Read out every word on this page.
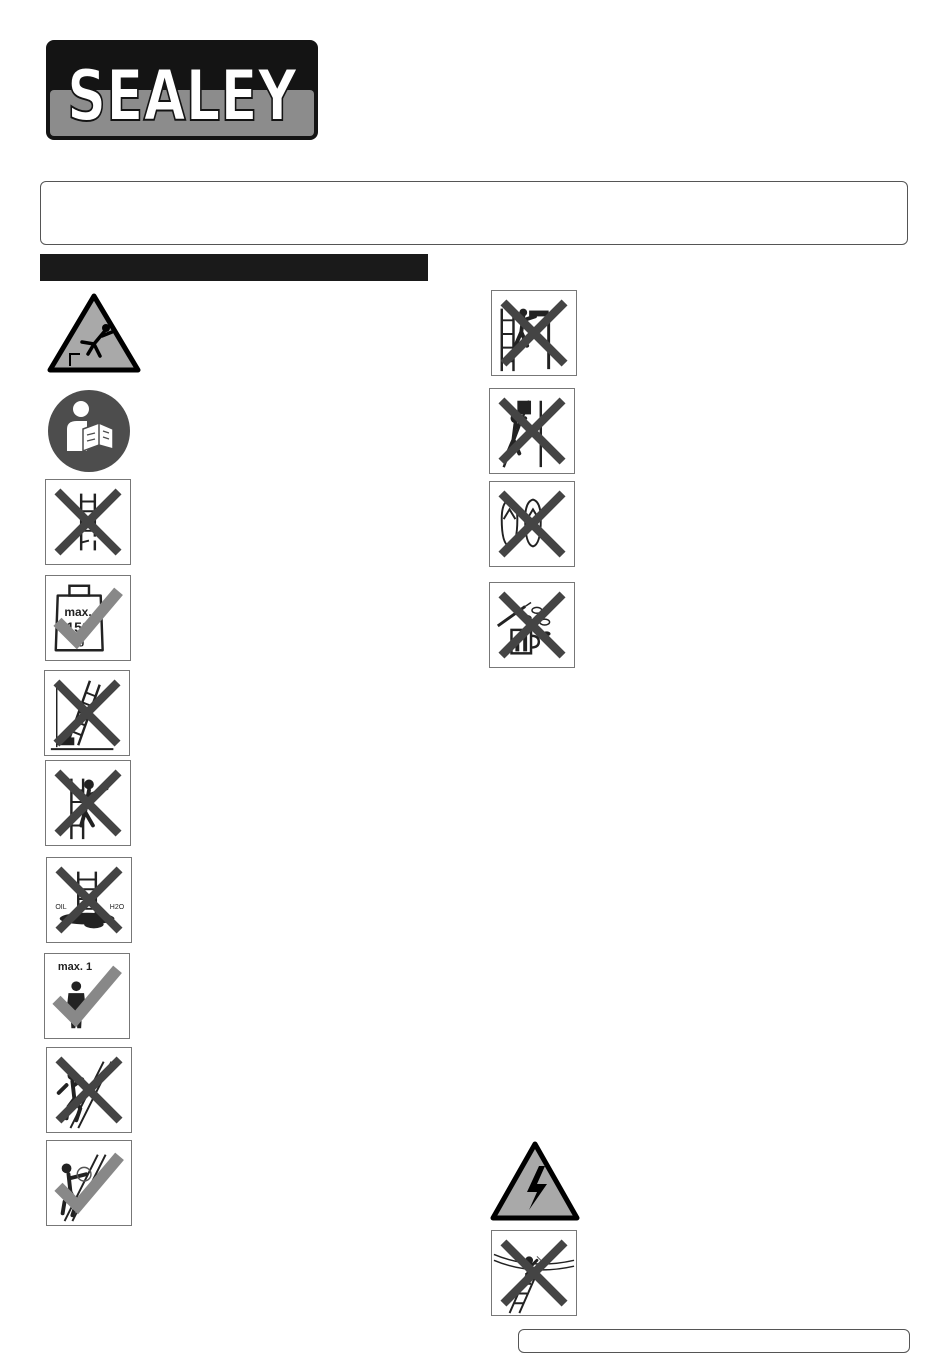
SEALEY
max.
150
kg
OIL	H2O
max. 1
